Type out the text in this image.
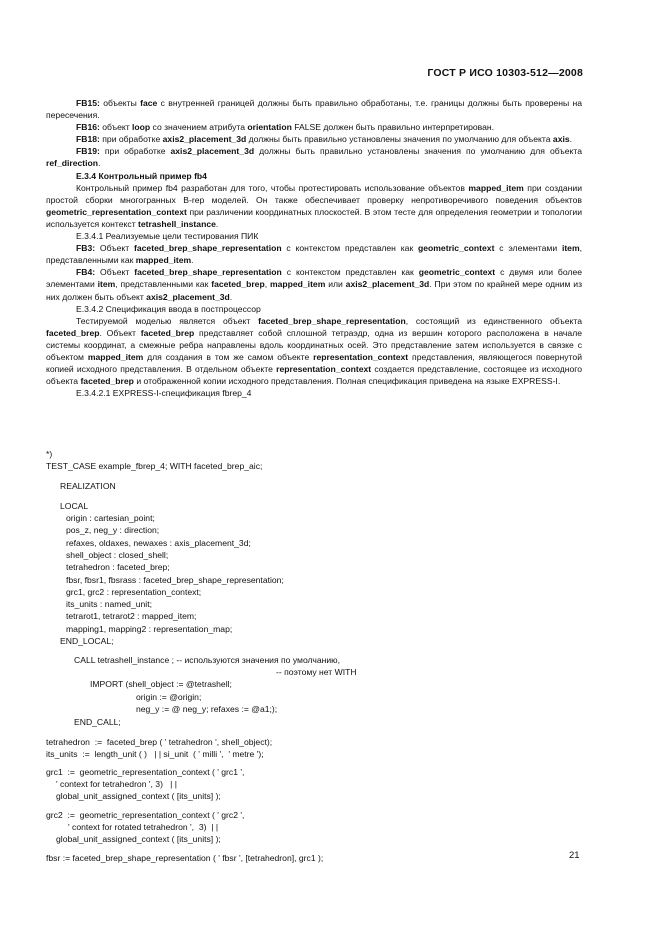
ГОСТ Р ИСО 10303-512—2008

FB15: объекты face с внутренней границей должны быть правильно обработаны, т.е. границы должны быть проверены на пересечения.

FB16: объект loop со значением атрибута orientation FALSE должен быть правильно интерпретирован.

FB18: при обработке axis2_placement_3d должны быть правильно установлены значения по умолчанию для объекта axis.

FB19: при обработке axis2_placement_3d должны быть правильно установлены значения по умолчанию для объекта ref_direction.

E.3.4 Контрольный пример fb4

Контрольный пример fb4 разработан для того, чтобы протестировать использование объектов mapped_item при создании простой сборки многогранных B-rep моделей. Он также обеспечивает проверку непротиворечивого поведения объектов geometric_representation_context при различении координатных плоскостей. В этом тесте для определения геометрии и топологии используется контекст tetrashell_instance.

E.3.4.1 Реализуемые цели тестирования ПИК

FB3: Объект faceted_brep_shape_representation с контекстом представлен как geometric_context с элементами item, представленными как mapped_item.

FB4: Объект faceted_brep_shape_representation с контекстом представлен как geometric_context с двумя или более элементами item, представленными как faceted_brep, mapped_item или axis2_placement_3d. При этом по крайней мере одним из них должен быть объект axis2_placement_3d.

E.3.4.2 Спецификация ввода в постпроцессор

Тестируемой моделью является объект faceted_brep_shape_representation, состоящий из единственного объекта faceted_brep. Объект faceted_brep представляет собой сплошной тетраэдр, одна из вершин которого расположена в начале системы координат, а смежные ребра направлены вдоль координатных осей. Это представление затем используется в связке с объектом mapped_item для создания в том же самом объекте representation_context представления, являющегося повернутой копией исходного представления. В отдельном объекте representation_context создается представление, состоящее из исходного объекта faceted_brep и отображенной копии исходного представления. Полная спецификация приведена на языке EXPRESS-I.

E.3.4.2.1 EXPRESS-I-спецификация fbrep_4

*)
TEST_CASE example_fbrep_4; WITH faceted_brep_aic;
REALIZATION
LOCAL
origin : cartesian_point;
pos_z, neg_y : direction;
refaxes, oldaxes, newaxes : axis_placement_3d;
shell_object : closed_shell;
tetrahedron : faceted_brep;
fbsr, fbsr1, fbsrass : faceted_brep_shape_representation;
grc1, grc2 : representation_context;
its_units : named_unit;
tetrarot1, tetrarot2 : mapped_item;
mapping1, mapping2 : representation_map;
END_LOCAL;
CALL tetrashell_instance ; -- используются значения по умолчанию,
-- поэтому нет WITH
IMPORT (shell_object := @tetrashell;
origin := @origin;
neg_y := @ neg_y; refaxes := @a1;);
END_CALL;
tetrahedron  :=  faceted_brep ( ' tetrahedron ', shell_object);
its_units  :=  length_unit ( )   | | si_unit  ( ' milli ',  ' metre ');
grc1  :=  geometric_representation_context ( ' grc1 ',
' context for tetrahedron ', 3)   | |
global_unit_assigned_context ( [its_units] );
grc2  :=  geometric_representation_context ( ' grc2 ',
' context for rotated tetrahedron ',  3)  | |
global_unit_assigned_context ( [its_units] );
fbsr := faceted_brep_shape_representation ( ' fbsr ', [tetrahedron], grc1 );	21
